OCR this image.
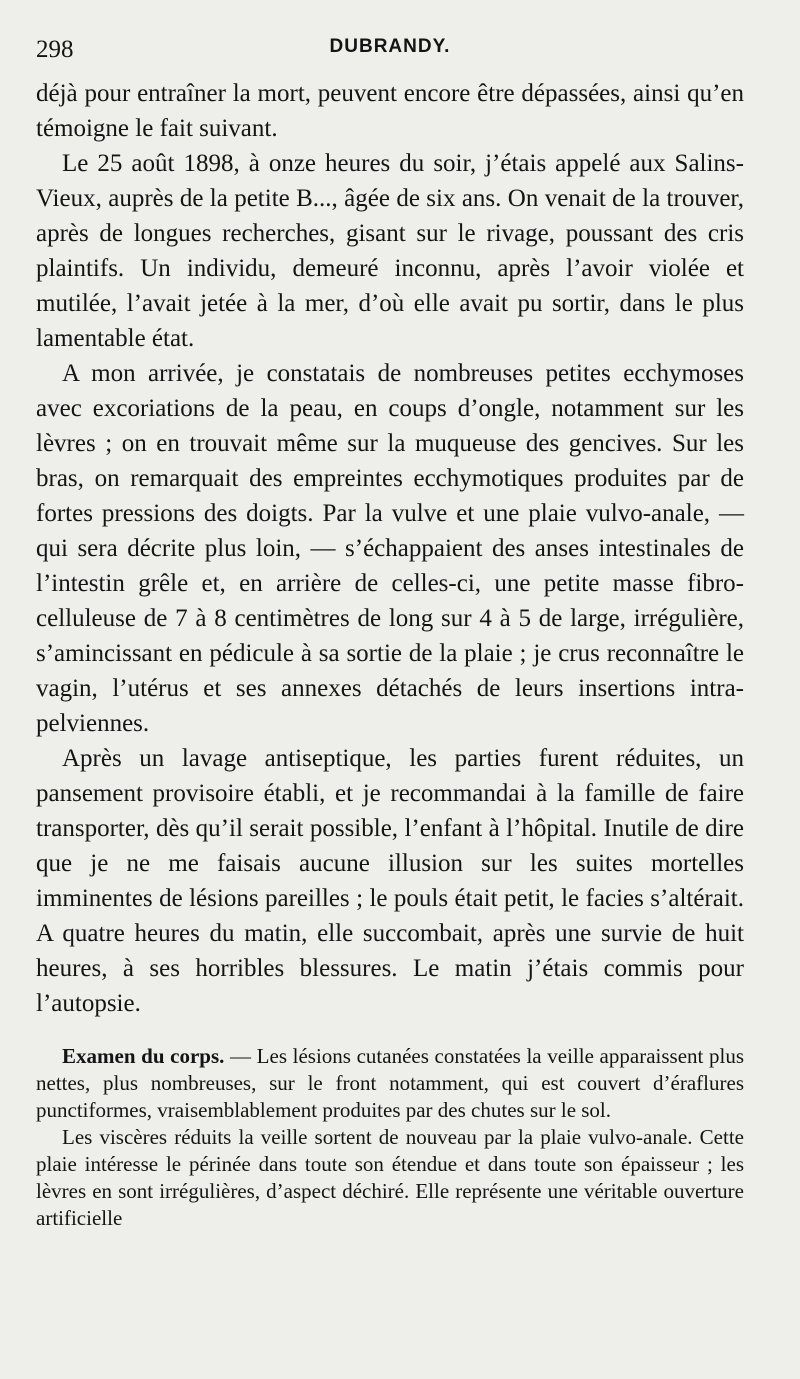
298	DUBRANDY.

déjà pour entraîner la mort, peuvent encore être dépassées, ainsi qu’en témoigne le fait suivant.

Le 25 août 1898, à onze heures du soir, j’étais appelé aux Salins-Vieux, auprès de la petite B..., âgée de six ans. On venait de la trouver, après de longues recherches, gisant sur le rivage, poussant des cris plaintifs. Un individu, demeuré inconnu, après l’avoir violée et mutilée, l’avait jetée à la mer, d’où elle avait pu sortir, dans le plus lamentable état.

A mon arrivée, je constatais de nombreuses petites ecchymoses avec excoriations de la peau, en coups d’ongle, notamment sur les lèvres ; on en trouvait même sur la muqueuse des gencives. Sur les bras, on remarquait des empreintes ecchymotiques produites par de fortes pressions des doigts. Par la vulve et une plaie vulvo-anale, — qui sera décrite plus loin, — s’échappaient des anses intestinales de l’intestin grêle et, en arrière de celles-ci, une petite masse fibro-celluleuse de 7 à 8 centimètres de long sur 4 à 5 de large, irrégulière, s’amincissant en pédicule à sa sortie de la plaie ; je crus reconnaître le vagin, l’utérus et ses annexes détachés de leurs insertions intra-pelviennes.

Après un lavage antiseptique, les parties furent réduites, un pansement provisoire établi, et je recommandai à la famille de faire transporter, dès qu’il serait possible, l’enfant à l’hôpital. Inutile de dire que je ne me faisais aucune illusion sur les suites mortelles imminentes de lésions pareilles ; le pouls était petit, le facies s’altérait. A quatre heures du matin, elle succombait, après une survie de huit heures, à ses horribles blessures. Le matin j’étais commis pour l’autopsie.

Examen du corps. — Les lésions cutanées constatées la veille apparaissent plus nettes, plus nombreuses, sur le front notamment, qui est couvert d’éraflures punctiformes, vraisemblablement produites par des chutes sur le sol.

Les viscères réduits la veille sortent de nouveau par la plaie vulvo-anale. Cette plaie intéresse le périnée dans toute son étendue et dans toute son épaisseur ; les lèvres en sont irrégulières, d’aspect déchiré. Elle représente une véritable ouverture artificielle
